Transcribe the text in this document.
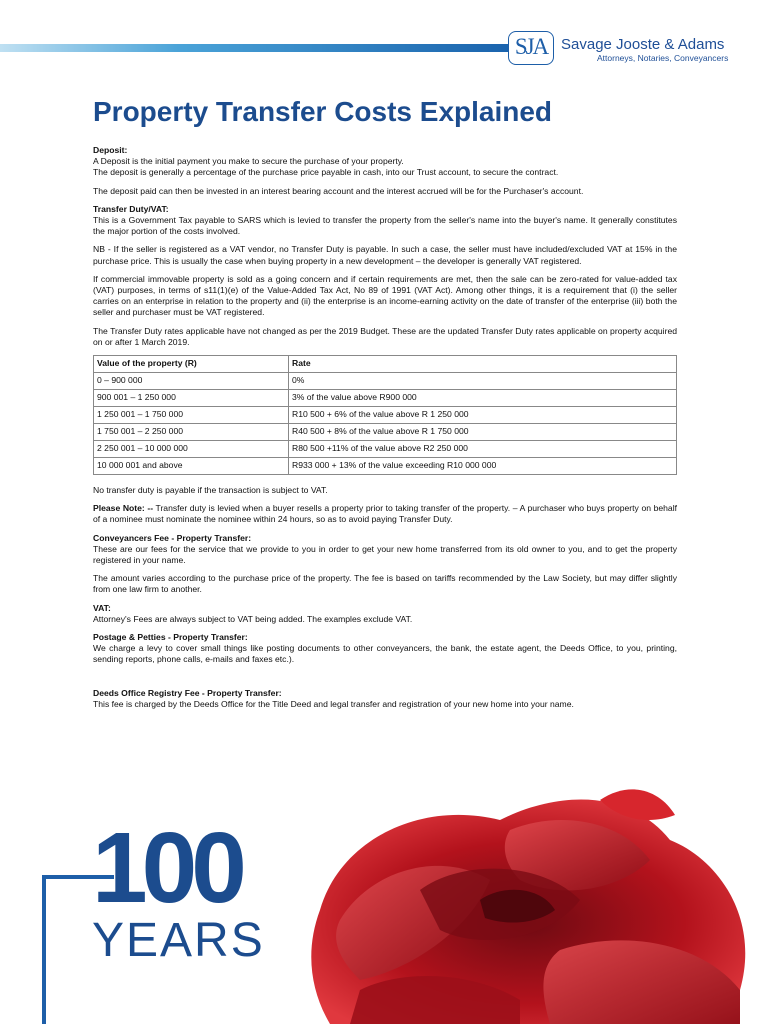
SJA Savage Jooste & Adams
Attorneys, Notaries, Conveyancers
Property Transfer Costs Explained

Deposit:
A Deposit is the initial payment you make to secure the purchase of your property.
The deposit is generally a percentage of the purchase price payable in cash, into our Trust account, to secure the contract.

The deposit paid can then be invested in an interest bearing account and the interest accrued will be for the Purchaser's account.

Transfer Duty/VAT:
This is a Government Tax payable to SARS which is levied to transfer the property from the seller's name into the buyer's name. It generally constitutes the major portion of the costs involved.

NB - If the seller is registered as a VAT vendor, no Transfer Duty is payable. In such a case, the seller must have included/excluded VAT at 15% in the purchase price. This is usually the case when buying property in a new development – the developer is generally VAT registered.

If commercial immovable property is sold as a going concern and if certain requirements are met, then the sale can be zero-rated for value-added tax (VAT) purposes, in terms of s11(1)(e) of the Value-Added Tax Act, No 89 of 1991 (VAT Act). Among other things, it is a requirement that (i) the seller carries on an enterprise in relation to the property and (ii) the enterprise is an income-earning activity on the date of transfer of the enterprise (iii) both the seller and purchaser must be VAT registered.

The Transfer Duty rates applicable have not changed as per the 2019 Budget. These are the updated Transfer Duty rates applicable on property acquired on or after 1 March 2019.

Value of the property (R)	Rate
0 – 900 000	0%
900 001 – 1 250 000	3% of the value above R900 000
1 250 001 – 1 750 000	R10 500 + 6% of the value above R 1 250 000
1 750 001 – 2 250 000	R40 500 + 8% of the value above R 1 750 000
2 250 001 – 10 000 000	R80 500 +11% of the value above R2 250 000
10 000 001 and above	R933 000 + 13% of the value exceeding R10 000 000

No transfer duty is payable if the transaction is subject to VAT.

Please Note: -- Transfer duty is levied when a buyer resells a property prior to taking transfer of the property. – A purchaser who buys property on behalf of a nominee must nominate the nominee within 24 hours, so as to avoid paying Transfer Duty.

Conveyancers Fee - Property Transfer:
These are our fees for the service that we provide to you in order to get your new home transferred from its old owner to you, and to get the property registered in your name.

The amount varies according to the purchase price of the property. The fee is based on tariffs recommended by the Law Society, but may differ slightly from one law firm to another.

VAT:
Attorney's Fees are always subject to VAT being added. The examples exclude VAT.

Postage & Petties - Property Transfer:
We charge a levy to cover small things like posting documents to other conveyancers, the bank, the estate agent, the Deeds Office, to you, printing, sending reports, phone calls, e-mails and faxes etc.).

Deeds Office Registry Fee - Property Transfer:
This fee is charged by the Deeds Office for the Title Deed and legal transfer and registration of your new home into your name.

100
YEARS
